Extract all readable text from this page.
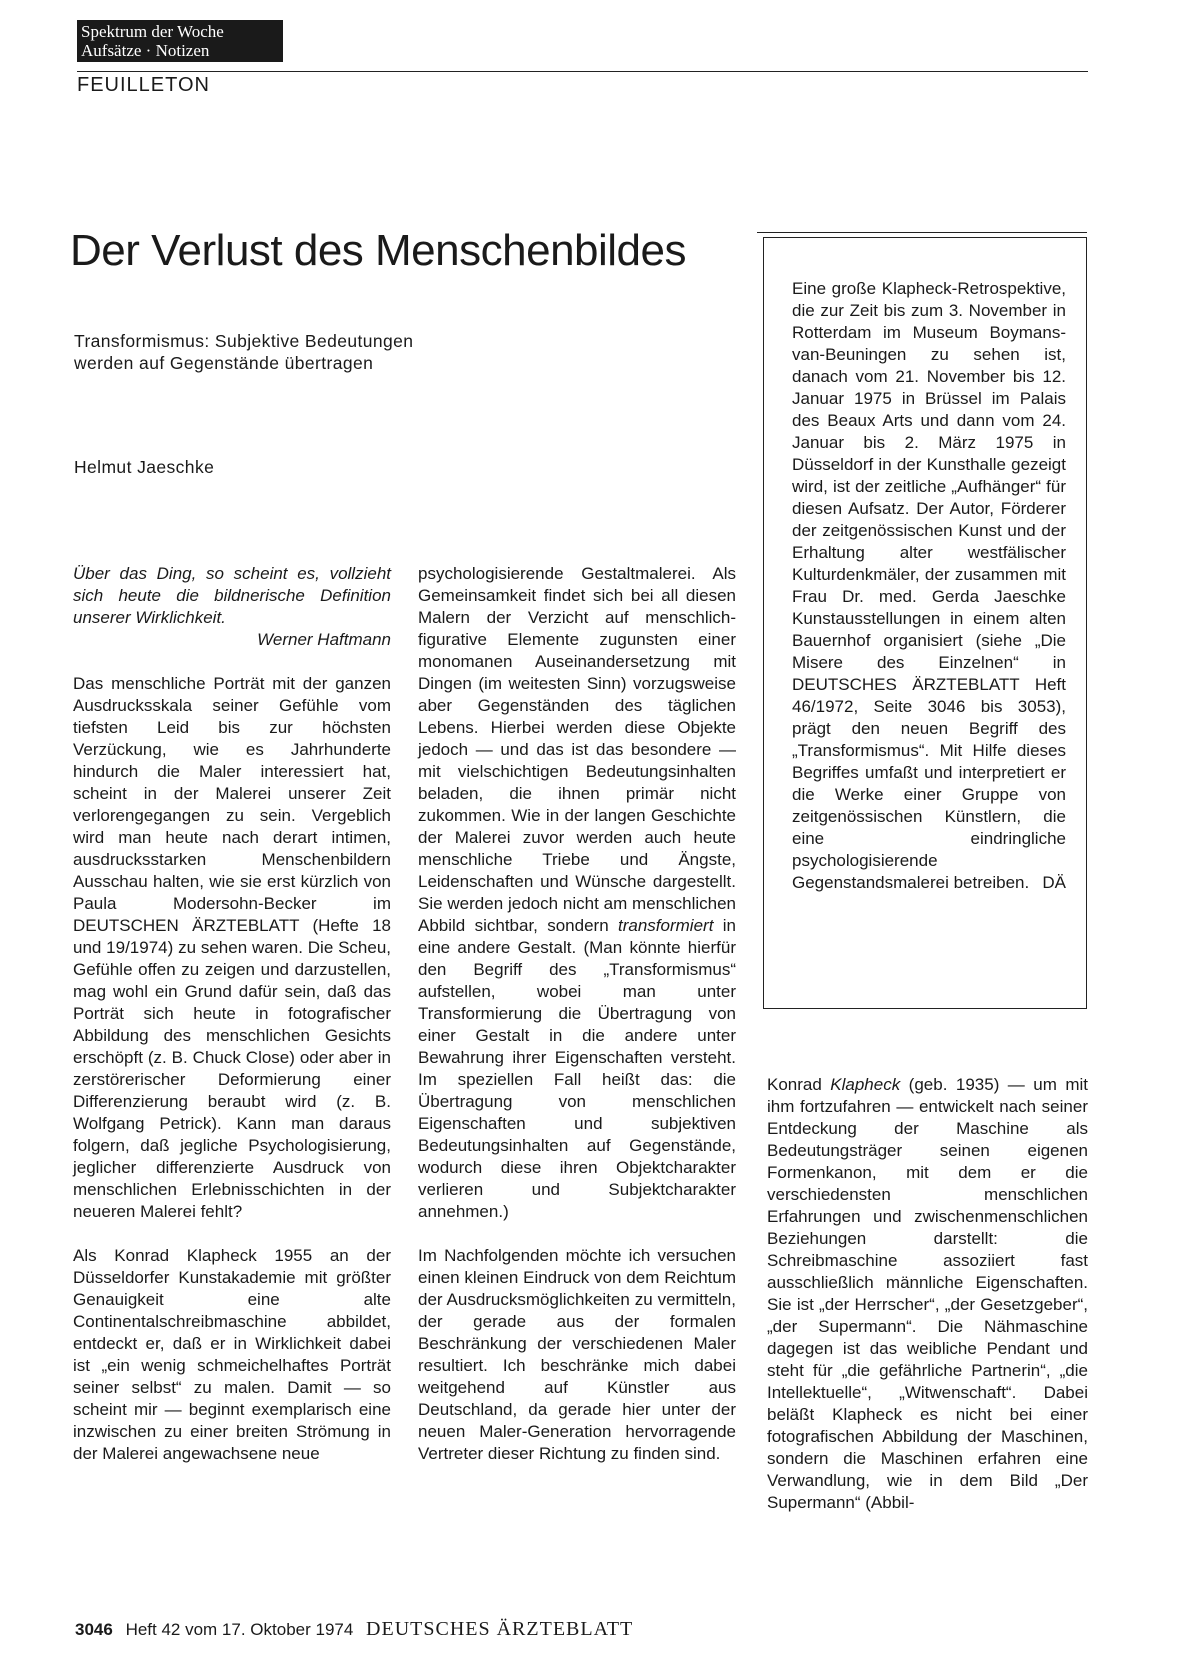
Spektrum der Woche
Aufsätze · Notizen
FEUILLETON
Der Verlust des Menschenbildes
Transformismus: Subjektive Bedeutungen werden auf Gegenstände übertragen
Helmut Jaeschke
Eine große Klapheck-Retrospektive, die zur Zeit bis zum 3. November in Rotterdam im Museum Boymans-van-Beuningen zu sehen ist, danach vom 21. November bis 12. Januar 1975 in Brüssel im Palais des Beaux Arts und dann vom 24. Januar bis 2. März 1975 in Düsseldorf in der Kunsthalle gezeigt wird, ist der zeitliche „Aufhänger“ für diesen Aufsatz. Der Autor, Förderer der zeitgenössischen Kunst und der Erhaltung alter westfälischer Kulturdenkmäler, der zusammen mit Frau Dr. med. Gerda Jaeschke Kunstausstellungen in einem alten Bauernhof organisiert (siehe „Die Misere des Einzelnen“ in DEUTSCHES ÄRZTEBLATT Heft 46/1972, Seite 3046 bis 3053), prägt den neuen Begriff des „Transformismus“. Mit Hilfe dieses Begriffes umfaßt und interpretiert er die Werke einer Gruppe von zeitgenössischen Künstlern, die eine eindringliche psychologisierende Gegenstandsmalerei betreiben. DÄ
Über das Ding, so scheint es, vollzieht sich heute die bildnerische Definition unserer Wirklichkeit.
Werner Haftmann

Das menschliche Porträt mit der ganzen Ausdrucksskala seiner Gefühle vom tiefsten Leid bis zur höchsten Verzückung, wie es Jahrhunderte hindurch die Maler interessiert hat, scheint in der Malerei unserer Zeit verlorengegangen zu sein. Vergeblich wird man heute nach derart intimen, ausdrucksstarken Menschenbildern Ausschau halten, wie sie erst kürzlich von Paula Modersohn-Becker im DEUTSCHEN ÄRZTEBLATT (Hefte 18 und 19/1974) zu sehen waren. Die Scheu, Gefühle offen zu zeigen und darzustellen, mag wohl ein Grund dafür sein, daß das Porträt sich heute in fotografischer Abbildung des menschlichen Gesichts erschöpft (z. B. Chuck Close) oder aber in zerstörerischer Deformierung einer Differenzierung beraubt wird (z. B. Wolfgang Petrick). Kann man daraus folgern, daß jegliche Psychologisierung, jeglicher differenzierte Ausdruck von menschlichen Erlebnisschichten in der neueren Malerei fehlt?

Als Konrad Klapheck 1955 an der Düsseldorfer Kunstakademie mit größter Genauigkeit eine alte Continentalschreibmaschine abbildet, entdeckt er, daß er in Wirklichkeit dabei ist „ein wenig schmeichelhaftes Porträt seiner selbst“ zu malen. Damit — so scheint mir — beginnt exemplarisch eine inzwischen zu einer breiten Strömung in der Malerei angewachsene neue

psychologisierende Gestaltmalerei. Als Gemeinsamkeit findet sich bei all diesen Malern der Verzicht auf menschlich-figurative Elemente zugunsten einer monomanen Auseinandersetzung mit Dingen (im weitesten Sinn) vorzugsweise aber Gegenständen des täglichen Lebens. Hierbei werden diese Objekte jedoch — und das ist das besondere — mit vielschichtigen Bedeutungsinhalten beladen, die ihnen primär nicht zukommen. Wie in der langen Geschichte der Malerei zuvor werden auch heute menschliche Triebe und Ängste, Leidenschaften und Wünsche dargestellt. Sie werden jedoch nicht am menschlichen Abbild sichtbar, sondern transformiert in eine andere Gestalt. (Man könnte hierfür den Begriff des „Transformismus“ aufstellen, wobei man unter Transformierung die Übertragung von einer Gestalt in die andere unter Bewahrung ihrer Eigenschaften versteht. Im speziellen Fall heißt das: die Übertragung von menschlichen Eigenschaften und subjektiven Bedeutungsinhalten auf Gegenstände, wodurch diese ihren Objektcharakter verlieren und Subjektcharakter annehmen.)

Im Nachfolgenden möchte ich versuchen einen kleinen Eindruck von dem Reichtum der Ausdrucksmöglichkeiten zu vermitteln, der gerade aus der formalen Beschränkung der verschiedenen Maler resultiert. Ich beschränke mich dabei weitgehend auf Künstler aus Deutschland, da gerade hier unter der neuen Maler-Generation hervorragende Vertreter dieser Richtung zu finden sind.

Konrad Klapheck (geb. 1935) — um mit ihm fortzufahren — entwickelt nach seiner Entdeckung der Maschine als Bedeutungsträger seinen eigenen Formenkanon, mit dem er die verschiedensten menschlichen Erfahrungen und zwischenmenschlichen Beziehungen darstellt: die Schreibmaschine assoziiert fast ausschließlich männliche Eigenschaften. Sie ist „der Herrscher“, „der Gesetzgeber“, „der Supermann“. Die Nähmaschine dagegen ist das weibliche Pendant und steht für „die gefährliche Partnerin“, „die Intellektuelle“, „Witwenschaft“. Dabei beläßt Klapheck es nicht bei einer fotografischen Abbildung der Maschinen, sondern die Maschinen erfahren eine Verwandlung, wie in dem Bild „Der Supermann“ (Abbil-

3046 Heft 42 vom 17. Oktober 1974 DEUTSCHES ÄRZTEBLATT
